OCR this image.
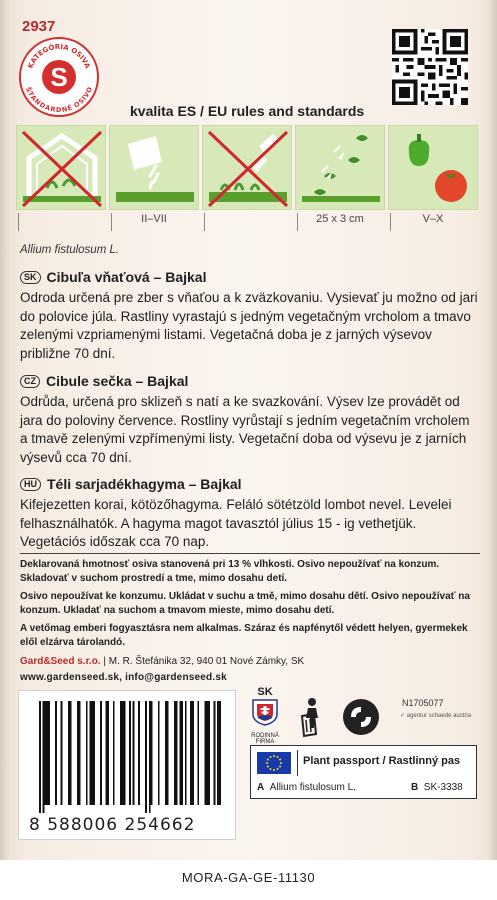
2937
KATEGÓRIA OSIVA
ŠTANDARDNÉ OSIVO
S
kvalita ES / EU rules and standards
II–VII	25 x 3 cm	V–X
Allium fistulosum L.
SK Cibuľa vňaťová – Bajkal
Odroda určená pre zber s vňaťou a k zväzkovaniu. Vysievať ju možno od jari do polovice júla. Rastliny vyrastajú s jedným vegetačným vrcholom a tmavo zelenými vzpriamenými listami. Vegetačná doba je z jarných výsevov približne 70 dní.
CZ Cibule sečka – Bajkal
Odrůda, určená pro sklizeň s natí a ke svazkování. Výsev lze provádět od jara do poloviny července. Rostliny vyrůstají s jedním vegetačním vrcholem a tmavě zelenými vzpřímenými listy. Vegetační doba od výsevu je z jarních výsevů cca 70 dní.
HU Téli sarjadékhagyma – Bajkal
Kifejezetten korai, kötözőhagyma. Feláló sötétzöld lombot nevel. Levelei felhasználhatók. A hagyma magot tavasztól július 15 - ig vethetjük. Vegetációs időszak cca 70 nap.
Deklarovaná hmotnosť osiva stanovená pri 13 % vlhkosti. Osivo nepoužívať na konzum. Skladovať v suchom prostredí a tme, mimo dosahu detí.
Osivo nepoužívat ke konzumu. Ukládat v suchu a tmě, mimo dosahu dětí. Osivo nepoužívať na konzum. Ukladať na suchom a tmavom mieste, mimo dosahu detí.
A vetőmag emberi fogyasztásra nem alkalmas. Száraz és napfénytől védett helyen, gyermekek elől elzárva tárolandó.
Gard&Seed s.r.o. | M. R. Štefánika 32, 940 01 Nové Zámky, SK
www.gardenseed.sk, info@gardenseed.sk
8 588006 254662
SK
RODINNÁ FIRMA
N1705077
✓ agentur schaede austria
Plant passport / Rastlinný pas
A Allium fistulosum L.	B SK-3338
MORA-GA-GE-11130
